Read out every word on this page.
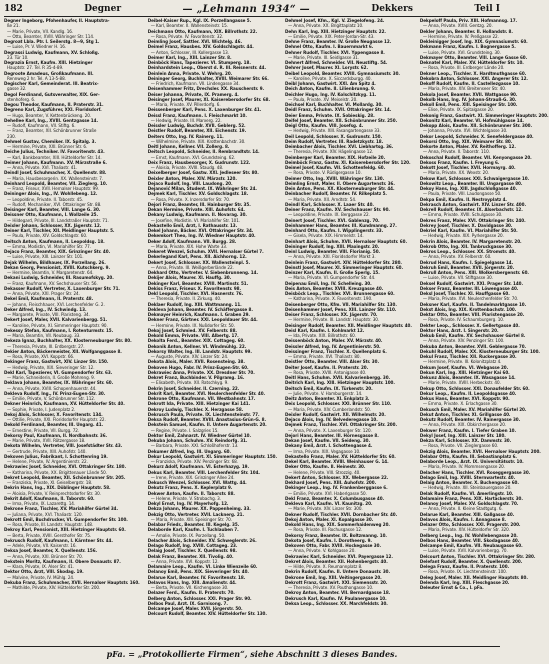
182	Degner	— „Lehmann 1934“ —	Dekkers	Teil I
Degner Ingeborg, Pfohenhaufer, II. Hauptstra-
ße 21.
— Marie, Private, VII. Kandlg. 16.
— Otto, Beamter, XVIII. Währinger Str. 114.
Degroat Lbla. Ptr. I. Seilerstg. 8—9, Stg 1.
— Luise, Pr. V. Wiedner H. 16.
Degrassi Ludwig, Kaufmann, XV. Schloßg.
23. Tür 10.
Degrazia Ernst, Kaufm. XIII. Hietzinger
Hauptstr. 27. Tel. R 35-4-89.
Degroote Amadeus, Großkaufmann. III.
Rennweg 2 hr. Tel. A 13-5-88.
Degischer Karl, Gemeinderat. III. Beatrix-
gasse 32.
Degol Ferdinand, Gutsverwalter, XIX. Ger-
stenhoferg. 6.
Degou Theodor, Kaufmann, II. Praterstr. 31.
Degreno Karl, Zugsführer, XXI. Floridsdorf.
— Hugo, Beamter, V. Kettenbrückeng. 20.
Dehellee Karl, Ing., XVIII. Gentzgasse 14.
— Rudolf, Kaufmann, VII. Stiftg. 6.
— Franz, Beamter, XII. Schönbrunner Straße
230.
Dehmel Gustav, Chemiker. IX. Spitalg. 3.
— Hermine, Private, XXI. Brünner Str. 6.
Deiche Julius, Techniker. IV. Favoritenstr. 43.
— Karl, Bankbeamter, XIII. Hütteldorfer Str. 14.
Deimer Johann, Kaufmann. XV. Märzstraße 6.
— Anna, Private. XVI. Thaliastr. 41.
Deindl Josef, Schuhmacher, X. Quellenstr. 88.
— Maria, Hausbesorgerin. XX. Wallensteinstr. 7.
Deinhard Leopold, Beamter, VII. Zieglerg. 10.
— Franz, Friseur, XVII. Hernalser Hauptstr. 99.
Deininger Alois, Ing., IV. Wohllebeng. 12.
— Leopoldine, Private. II. Taborstr. 45.
— Rudolf, Mechaniker, XVI. Ottakringer Str. 88.
Deisinger Karl, Beamter, VIII. Lange G. 30.
Deissner Otto, Kaufmann, I. Wollzeile 25.
— Hildegard, Private, III. Landstraßer Hauptstr. 71.
Deixler Johann, Schlosser, XX. Jägerstr. 12.
Deiner Karl, Tischler, XII. Meidlinger Hauptstr. 5.
— Paula, Private, XIV. Goldschlagstr. 60.
Deitsch Anton, Kaufmann, II. Leopoldsg. 18.
— Emma, Modistin, VI. Mariahilfer Str. 77.
Dejaco Franz, Beamter, XIX. Grinzinger Str. 40.
— Luise, Private, XIII. Lainzer Str. 101.
Dejak Wilhelm, Bildhauer, IX. Porzellang. 26.
Dekan Georg, Pensionist, XVIII. Kutschkerg. 9.
— Hermine, Beamtin, V. Margaretenstr. 64.
Dekani Ludwig, Schneider, III. Rasumofskyg. 20.
— Franz, Kaufmann, XV. Sechshauser Str. 56.
Dekasser Rudolf, Vertreter, X. Laxenburger Str. 71.
— Anna, Private, XXI. Prager Str. 24.
Dekel Emil, Kaufmann, II. Praterstr. 48.
— Johann, Fleischhauer, XVI. Lerchenfelder G. 2.
Deker Alfred, Ing., IV. Schwindg. 13.
— Margarete, Private, VIII. Piaristeng. 34.
Dekert Josef, Maler, XVII. Kalvarienbergg. 51.
— Karoline, Private, XI. Simmeringer Hauptstr. 90.
Dekessy Stefan, Kaufmann, I. Rotenturmstr. 15.
— Maria, Beamtin, VII. Neubaug. 33.
Dekeza Ignaz, Buchhalter, XX. Klosterneuburger Str. 80.
— Theresia, Private, III. Erdbergstr. 27.
Dekier Anton, Bäckermeister, XII. Wolfganggasse 8.
— Rosa, Private, XVI. Koppstr. 66.
Dekinger Franz, Gastwirt, XIV. Linzer Str. 150.
— Hedwig, Private, XIX. Sieveringer Str. 12.
Dekl Karl, Tapezierer, VI. Gumpendorfer Str. 63.
— Marie, Schneiderin, II. Große Mohreng. 9.
Deklava Johann, Beamter, IX. Währinger Str. 60.
— Anna, Private, XVIII. Schopenhauerstr. 44.
Dekleva Rudolf, Ing., IV. Prinz-Eugen-Str. 30.
— Emilie, Private, V. Schönbrunner Str. 112.
Dekner Heinrich, Kaufmann, XV. Hütteldorfer Str. 40.
— Sophie, Private, I. Judenplatz 2.
Dekoj Alois, Schlosser, X. Favoritenstr. 134.
— Ottilie, Private, XXI. Floridsdorfer Hauptstr. 22.
Dekold Ferdinand, Beamter, III. Ungarg. 41.
— Ernestine, Private, VII. Burgg. 72.
Dekorsy Paul, Kaufmann, II. Nordbahnstr. 36.
— Marie, Private, XVII. Rötzergasse 18.
Dekota Wilhelm, Vertreter, VIII. Josefstädter Str. 43.
— Gertrude, Private, XIII. Auhofstr. 140.
Dekoven Julius, Fabrikant, I. Schottenring 19.
— Helene, Private, IV. Argentinierstr. 22.
Dekrawiec Josef, Schneider, XVI. Ottakringer Str. 180.
— Katharina, Private, XX. Brigittenauer Lände 50.
Dekret Leopold, Beamter, XII. Schönbrunner Str. 205.
— Franziska, Private, XI. Geiselbergstr. 18.
Dekrin Hans, Ing., XIX. Döblinger Hauptstr. 58.
— Aloisia, Private, V. Reinprechtsdorfer Str. 30.
Dekrit Adolf, Kaufmann, II. Taborstr. 60.
— Irma, Private, IX. Lazarettg. 14.
Dekrone Franz, Tischler, XV. Mariahilfer Gürtel 34.
— Juliana, Private, XVI. Thaliastr. 120.
Dekrott Emil, Buchdrucker, VI. Gumpendorfer Str. 100.
— Rosa, Private, III. Landstr. Hauptstr. 148.
Dekroy Karl, Pensionist, XIII. Hietzinger Hauptstr. 60.
— Berta, Private, XVIII. Gersthofer Str. 75.
Dekrusch Rudolf, Kaufmann, I. Kärntner Str. 44.
— Adele, Private, VII. Kaiserstr. 16.
Deksa Josef, Beamter, X. Quellenstr. 156.
— Anna, Private, XXI. Brünner Str. 70.
Dekstein Moritz, Kaufmann, II. Obere Donaustr. 87.
— Klara, Private, IX. Alser Str. 41.
Dektor Otto, Arzt, VIII. Skodag. 19.
— Malvine, Private, IV. Mühlg. 24.
Dekuba Franz, Schuhmacher, XVII. Hernalser Hauptstr. 160.
— Mathilde, Private, XIV. Hütteldorfer Str. 200.
Deibel-Kaiser Rup., Kgl. IX. Porzellangasse 5.
— Karl, Beamter. II. Wallensteinstr. 15.
Deichmann Otto, Kaufmann, XIX. Billrothstr. 22.
— Rosa, Private. IV. Favoritenstr. 32.
Deimling Josef, Sattler. XVI. Wichtelg. 46.
Deimel Franz, Hausbes. XIV. Goldschlagstr. 44.
— Anton, Schlosser, III. Kollergasse 13.
Deimer Karl, Ing., XIII. Lainzer Str. 8.
Deinböck Hans, Tapezierer. VI. Stumperg. 18.
Deinhardstein Leop., Oberst d. R. III. Reisnerstr. 44.
Deinlein Anna, Private. V. Wehrg. 20.
Deininger Georg, Buchhalter, XVIII. Weimarer Str. 66.
— Friedrich, Kaufmann. VII. Lindengasse 34.
Deisenhammer Fritz, Drechsler. XX. Rauscherstr. 9.
Deiser Johanna, Private, IX. Pramerg. 4.
Deisinger Josef, Maurer, XI. Kaiserebersdorfer Str. 68.
— Maria, Private. XV. Pillerdorfg. 6.
Deissenberger Karl, Pens. X. Laxenburger Str. 41.
Deissl Franz, Kaufmann. I. Fleischmarkt 10.
— Hedwig, Private. III. Marxerg. 22.
Deissler Ludwig, Buchdr. XVII. Geblerg. 52.
Deistler Rudolf, Beamter, XII. Eichenstr. 19.
Deiters Otto, Ing. IV. Rainerg. 11.
— Wilhelmine, Private. XIX. Krottenbachstr. 30.
Deitl Johann, Kellner. VII. Zollerg. 8.
Deitsch Leopold, Schneider, II. Rembrandtstr. 14.
— Ernst, Kaufmann. XVI. Grundsteing. 62.
Deix Franz, Hausbesorger, X. Gudrunstr. 122.
— Aloisia, Private. XVIII. Staudg. 48.
Deixelberger Josef, Gastw. XXI. Jedleseer Str. 80.
Deixler Anton, Maler. XIV. Märzstr. 120.
Dejaco Rudolf, Ing. VIII. Laudong. 20.
Dejanović Milan, Student. IX. Währinger Str. 24.
Dejmek Karl, Tischler. XV. Goldschlagstr. 18.
— Rosa, Private. X. Inzersdorfer Str. 70.
Dejori Franz, Beamter, III. Hainburger Str. 35.
Dekan Hermine, Private. XIII. Auhofstr. 64.
Dekany Ludwig, Kaufmann. II. Novarag. 30.
— Josefine, Modistin. VI. Mariahilfer Str. 101.
Dekastello Emil, Arzt, I. Rathausstr. 13.
Dekel Johann, Bäcker. XVI. Ottakringer Str. 34.
Dekemkort Theo, Ing. IV. Wiedner Hauptstr. 40.
Deker Adolf, Kaufmann. VII. Burgg. 28.
— Maria, Private. XIX. Hohe Warte 33.
Dekeret Wenzel, Schuhm. XVII. Hernalser Gürtel 7.
Dekerlegand Karl, Pens. XII. Aichhorng. 12.
Dekert Josef, Schlosser. XX. Wallensteinpl. 5.
— Anna, Private. III. Weißgerberlände 22.
Dekhard Otto, Vertreter. V. Siebenbrunneng. 14.
Dekijer Alois, Maurer. XI. Hauffg. 30.
Dekinger Karl, Beamter. XVIII. Martinstr. 51.
Dekiss Franz, Friseur. X. Favoritenstr. 98.
Dekl Leopold, Tischler. XVI. Hasnerstr. 76.
— Theresia, Private. II. Zirkusg. 40.
Deklaer Rudolf, Ing. XIII. Wattmanng. 11.
Dekleva Johann, Beamter. IV. Schäffergasse 8.
Dekmayer Heinrich, Kaufmann. I. Graben 29.
Dekner Franz, Gärtner. XXI. Leopoldauer Str. 44.
— Hermine, Private. IX. Nußdorfer Str. 50.
Dekoj Josef, Schmied. XV. Felberstr. 88.
Dekold Emma, Private. VIII. Albertg. 17.
Dekolta Ferd., Beamter. XIX. Cottageg. 60.
Dekonik Anton, Kellner. VI. Windmühlg. 22.
Dekorsy Walter, Ing. III. Landstr. Hauptstr. 99.
— Auguste, Private. XIV. Linzer Str. 24.
Dekota Alois, Maler. XVII. Rosensteing. 38.
Dekoven Hugo, Fabr. IV. Prinz-Eugen-Str. 60.
Dekrawiec Anna, Private. XX. Dresdner Str. 70.
Dekret Franz, Buchbinder. V. Pilgramg. 16.
— Elisabeth, Private. XII. Ratschkyg. 9.
Dekrin Josef, Schneider. II. Czerning. 22.
Dekrit Karl, Beamter. XVI. Neulerchenfelder Str. 40.
Dekrone Otto, Kaufmann. VII. Westbahnstr. 17.
Dekrott Ida, Private. XIII. Hietzinger Kai 141.
Dekroy Ludwig, Tischler. X. Herzgasse 58.
Dekrusch Paula, Private. IX. Liechtensteinstr. 77.
Deksa Rudolf, Beamter. XVIII. Anastasius-Grün-G. 8.
Dekstein Samuel, Kaufm. II. Untere Augartenstr. 20.
— Regine, Private. I. Salzgries 15.
Dektor Emil, Zahnarzt. IV. Wiedner Gürtel 10.
Dekuba Johann, Schuhm. XV. Reindorfg. 31.
— Barbara, Private. XXI. Schloßhoferstr. 13.
Dekumer Alfred, Ing. III. Ungarg. 60.
Dekur Leopold, Gastwirt. XI. Simmeringer Hauptstr. 150.
— Franziska, Private. XIV. Penzinger Str. 68.
Dekurz Adolf, Kaufmann. VI. Esterhazyg. 19.
Dekus Karl, Beamter. VIII. Lerchenfelder Str. 104.
— Irene, Private. XIX. Grinzinger Allee 24.
Dekusch Wenzel, Schlosser. XVI. Wattg. 44.
Dekutz Franz, Pens. X. Keplerplatz 9.
Dekwer Anton, Kaufm. II. Taborstr. 88.
— Helene, Private. V. Strobachg. 3.
Dekyl Ernst, Ing. IV. Mayerhofg. 12.
Dekza Johann, Maurer. XX. Pappenheimg. 33.
Dekzig Otto, Vertreter. XVII. Lacknerg. 21.
— Maria, Private. XIII. Speisinger Str. 70.
Delabar Friedr., Beamter. III. Kegelg. 35.
Delaborde Karl, Kaufm. I. Tuchlauben 7.
— Amalie, Private. IX. Porzellang. 50.
Delacher Alois, Schneider. XV. Schweglerstr. 26.
Delago Rudolf, Ing. XVIII. Cottageg. 23.
Delaig Josef, Tischler. X. Quellenstr. 98.
Delak Franz, Beamter. XII. Tivolig. 40.
— Anna, Private. XVI. Koppstr. 12.
Delamaire Leop., Kaufm. VI. Linke Wienzeile 60.
Delanoy Emil, Pens. XIX. Sieveringer Str. 40.
Delarue Karl, Beamter. IV. Favoritenstr. 18.
Delavos Hans, Ing. XIII. Amalienstr. 44.
— Berta, Private. VII. Kirchengasse 30.
Delazer Ferd., Kaufm. II. Praterstr. 70.
Delberg Anton, Schlosser. XXI. Prager Str. 90.
Delbos Paul, Arzt. IX. Garnisong. 7.
Delcampe Josef, Maler. XVII. Jörgerstr. 50.
Delcourt Rudolf, Beamter. XIV. Hütteldorfer Str. 130.
Dehmel Josef, Kfm., Kgl. V. Ziegelofeng. 24.
— Anna, Private. XX. Brigittaplatz 10.
Dehn Karl, Ing. XIII. Hietzinger Hauptstr. 22.
— Emilie, Private. XIX. Peter-Jordan-Str. 43.
Dehne Franz, Beamter. IV. Große Neugasse 12.
Dehnel Otto, Kaufm. I. Bauernmarkt 6.
Dehner Rudolf, Tischler. XVI. Yppengasse 8.
— Marie, Private. III. Seidlgasse 31.
Dehnert Alfred, Schneider. VII. Neustiftg. 54.
Dehrer Josef, Maurer. XI. Lorystr. 62.
Deibel Leopold, Beamter. XVIII. Gymnasiumstr. 30.
— Karoline, Private. X. Siccardsburgg. 40.
Deibl Johann, Gastwirt. XXI. Am Spitz 4.
Deich Anton, Kaufm. II. Lilienbrunng. 9.
Deichler Hugo, Ing. IV. Kolschitzkyg. 11.
— Paula, Private. XV. Meiselstr. 20.
Deichsel Karl, Buchhalter. VI. Mollardg. 30.
Deidl Franz, Schuhm. XVII. Ottakringer Str. 14.
Deier Emma, Private. IX. Sobieskig. 28.
Deifel Josef, Beamter. XII. Schönbrunner Str. 250.
Deigl Otto, Kaufm. VIII. Josefsg. 4.
— Hedwig, Private. XIII. Fasangartengasse 33.
Deil Leopold, Schlosser. X. Gudrunstr. 150.
Deim Rudolf, Vertreter. III. Radetzkystr. 18.
Deimbacher Alois, Tischler. XVI. Liebhartsg. 36.
— Theresia, Private. XIV. Hägelingasse 12.
Deimberger Karl, Beamter. XIX. Hofzeile 20.
Deimböck Franz, Gastw. XI. Kaiserebersdorfer Str. 120.
Deimel Josef, Kaufm. VII. Schottenfeldg. 60.
— Rosa, Private. V. Rüdigergasse 10.
Deimer Otto, Ing. XVIII. Währinger Str. 130.
Deimling Ernst, Maler. II. Obere Augartenstr. 36.
Dein Anton, Pens. XX. Klosterneuburger Str. 44.
Deinbacher Rudolf, Beamter. IV. Rilkeplatz 5.
— Maria, Private. XII. Arndtstr. 54.
Deindl Karl, Schlosser. X. Laaer Str. 40.
Deiner Franz, Kaufm. XV. Sechshauser Str. 90.
— Leopoldine, Private. IX. Berggasse 22.
Deinert Josef, Tischler. XVI. Gablenzg. 70.
Deinhammer Hans, Beamter. III. Kundmanng. 27.
Deinhard Otto, Kaufm. I. Wipplingerstr. 33.
— Gisela, Private. XIX. Himmelstr. 14.
Deinhart Alois, Schuhm. XVII. Hernalser Hauptstr. 60.
Deininger Rudolf, Ing. XIII. Maxingstr. 20.
Deinl Ludwig, Beamter. VIII. Florianig. 50.
— Anna, Private. XXI. Floridsdorfer Markt 3.
Deinlein Franz, Gastwirt. XIV. Hütteldorfer Str. 280.
Deinstl Josef, Maurer. XI. Simmeringer Hauptstr. 60.
Deinzer Karl, Kaufm. II. Große Sperlg. 15.
— Maria, Private. VI. Gumpendorfer Str. 44.
Deipenau Emil, Ing. IV. Schelleing. 30.
Deis Anton, Beamter. XVIII. Kreuzgasse 40.
Deisböck Leop., Tischler. XVI. Brunnengasse 60.
— Katharina, Private. X. Favoritenstr. 190.
Deisenberger Otto, Kfm. VII. Mariahilfer Str. 130.
Deisenhammer Josef, Pens. XIII. Lainzer Str. 110.
Deiser Franz, Schlosser. XX. Jägerstr. 70.
— Hermine, Private. III. Landstr. Hauptstr. 30.
Deisinger Rudolf, Beamter. XII. Meidlinger Hauptstr. 40.
Deisl Karl, Kaufm. I. Kohlmarkt 12.
— Ida, Private. XIX. Billrothstr. 60.
Deissenböck Anton, Maler. XV. Märzstr. 40.
Deissler Alfred, Ing. IV. Argentinierstr. 50.
Deissinger Franz, Tischler. X. Quellenplatz 6.
— Emma, Private. XVI. Thaliastr. 80.
Deistler Otto, Beamter. VIII. Alser Str. 30.
Deiter Josef, Kaufm. II. Praterstr. 20.
— Rosa, Private. XVIII. Antonigasse 40.
Deitl Hans, Schuhm. XVII. Kalvarienbergg. 30.
Deitrich Karl, Ing. XIII. Hietzinger Hauptstr. 100.
Deitsch Emil, Kaufm. IX. Türkenstr. 20.
— Julie, Private. V. Hamburgerstr. 14.
Deitz Anton, Beamter. XI. Enkplatz 3.
Deix Leopold, Schlosser. XXI. Brünner Str. 110.
— Maria, Private. XIV. Cumberlandstr. 50.
Deixler Rudolf, Gastwirt. XII. Wilhelmstr. 20.
Dejaco Alois, Ing. IV. Belvederegasse 10.
Dejmek Franz, Tischler. XVI. Ottakringer Str. 200.
— Anna, Private. X. Laxenburger Str. 120.
Dejori Hans, Beamter. III. Hörnesgasse 8.
Dekan Josef, Kaufm. VII. Seideng. 30.
Dekany Emil, Arzt. I. Schottengasse 4.
— Irma, Private. XIX. Vegagasse 10.
Dekastello Franz, Maler. XV. Hütteldorfer Str. 60.
Dekel Karl, Beamter. XVIII. Weinhauser G. 14.
Deker Otto, Kaufm. II. Heinestr. 30.
— Helene, Private. VIII. Strozzig. 40.
Dekert Anton, Schlosser. XX. Webergasse 22.
Dekhard Josef, Pens. XIII. Auhofstr. 200.
Dekinger Leop., Ing. IV. Frankenberggasse 6.
— Emilie, Private. XVI. Haberlgasse 50.
Dekl Franz, Beamter. X. Columbusgasse 40.
Dekleva Karl, Kaufm. VI. Kaunitzg. 20.
— Marie, Private. XIV. Linzer Str. 300.
Dekner Rudolf, Tischler. XVII. Dornbacher Str. 40.
Dekoj Anton, Maler. XI. Kopalgasse 30.
Dekold Hans, Ing. XIX. Sommerhaidenweg 20.
— Rosa, Private. III. Rochusgasse 12.
Dekorsy Franz, Beamter. IX. Boltzmanng. 10.
Dekota Josef, Kaufm. I. Dorotheerg. 9.
Dekoven Otto, Fabr. XVIII. Hockegasse 30.
— Anna, Private. V. Kohlgasse 20.
Dekrawiec Karl, Schneider. XVI. Payergasse 12.
Dekret Alois, Beamter. XII. Hohenbergstr. 40.
— Hilde, Private. X. Reumannplatz 8.
Dekrin Rudolf, Kaufm. II. Untere Donaustr. 30.
Dekrone Emil, Ing. XIII. Veitingergasse 20.
Dekrott Franz, Gastwirt. XXI. Siemensstr. 20.
— Theresia, Private. XV. Pouthongasse 10.
Dekroy Anton, Beamter. VII. Bernardgasse 18.
Dekrusch Karl, Kaufm. IV. Paulanergasse 10.
Deksa Leop., Schlosser. XX. Marchfeldstr. 30.
Dekpeloff Paula, Priv. XIII. Hofmannsg. 17.
— Anna, Private. XVIII. Gentzg. 20.
Dekler Johann, Beamter. II. Hollandstr. 8.
— Hermine, Private. IV. Preßgasse 22.
Dekleinigger Josef, Ing. XIX. Gymnasiumstr. 60.
Dekmann Franz, Kaufm. I. Bognergasse 5.
— Luise, Private. XVI. Grundsteing. 30.
Dekmayer Otto, Beamter. VIII. Lange Gasse 60.
Deknatel Karl, Maler. XV. Hütteldorfer Str. 10.
— Rosa, Private. III. Erdberger Lände 20.
Dekner Leop., Tischler. X. Hardtmuthgasse 60.
Dekobra Anton, Schlosser. XXI. Angerer Str. 12.
Dekoff Rudolf, Kaufm. II. Castellezgasse 10.
— Maria, Private. XIV. Breitenseer Str. 40.
Dekola Josef, Beamter. XVII. Wattgasse 90.
Dekolb Hans, Ing. IV. Johann-Strauß-G. 30.
Dekoll Emil, Pens. XIII. Speisinger Str. 100.
— Elise, Private. IX. Spitalgasse 20.
Dekonig Franz, Gastwirt. XI. Simmeringer Hauptstr. 200.
Dekonitz Karl, Beamter. VI. Hofmühlgasse 14.
Dekopp Alois, Kaufm. XII. Schönbrunner Str. 300.
— Johanna, Private. XVI. Wichtelgasse 30.
Dekor Leopold, Schneider. X. Senefeldergasse 40.
Dekorsi Otto, Ing. XIX. Weimarer Str. 80.
Dekorte Anton, Maler. XV. Reithofferg. 12.
— Anna, Private. II. Taborstr. 110.
Dekoschal Rudolf, Beamter. VII. Kenyongasse 20.
Dekoss Franz, Kaufm. I. Freyung 6.
Dekott Josef, Tischler. XVII. Hormayrg. 40.
— Maria, Private. XX. Wexstr. 20.
Dekow Karl, Schlosser. XXI. Schwaigergasse 10.
Dekowitz Leop., Beamter. III. Ungargasse 80.
Dekoy Hans, Ing. XIII. Jagdschloßgasse 40.
— Paula, Private. VIII. Laudongasse 50.
Dekpa Emil, Kaufm. II. Nestroyplatz 4.
Dekrasch Anton, Gastwirt. XIV. Linzer Str. 400.
Dekrell Rudolf, Beamter. IX. Alserbachstr. 12.
— Emma, Private. XVIII. Schulgasse 30.
Dekres Franz, Maler. XVI. Ottakringer Str. 240.
Dekrey Josef, Tischler. X. Davidgasse 30.
Dekriel Karl, Kaufm. VI. Mariahilfer Str. 50.
— Hedwig, Private. XIX. Pyrkergasse 20.
Dekrin Alois, Beamter. IV. Margaretenstr. 20.
Dekrob Otto, Ing. XII. Tanbruckgasse 30.
Dekros Leop., Schlosser. XX. Stromstr. 40.
— Anna, Private. XV. Felberstr. 60.
Dekrud Hans, Kaufm. I. Spiegelgasse 14.
Dekruh Emil, Beamter. XVII. Jörgerstr. 20.
Dekrull Anton, Pens. XIII. Wolkersbergenstr. 60.
— Luise, Private. VII. Stiftgasse 30.
Deksel Rudolf, Gastwirt. XXI. Prager Str. 140.
Dekser Franz, Beamter. III. Löwengasse 40.
Deksl Josef, Tischler. XI. Hauffgasse 60.
— Maria, Private. XVI. Neulerchenfelder Str. 70.
Deksner Karl, Kaufm. II. Tandelmarktgasse 10.
Dekst Alois, Ing. XIX. Krottenbachstr. 100.
Dektar Otto, Beamter. VIII. Piaristengasse 20.
— Rosa, Private. IV. Schaumburgerg. 10.
Dekter Leop., Schlosser. X. Gellertgasse 40.
Dektor Hans, Arzt. I. Singerstr. 20.
Dekub Emil, Kaufm. XV. Sechshauser Gürtel 8.
— Anna, Private. XIV. Penzinger Str. 100.
Dekuba Anton, Beamter. XVII. Geblergasse 70.
Dekuhl Rudolf, Maler. XX. Klosterneuburger Str. 100.
Dekul Franz, Tischler. XII. Ruckergasse 30.
— Hermine, Private. III. Kolonitzplatz 4.
Dekum Josef, Kaufm. VI. Webgasse 20.
Dekun Karl, Ing. XIII. Hietzinger Kai 60.
Dekunz Alois, Beamter. IX. Wasagasse 14.
— Marie, Private. XVIII. Herbeckstr. 40.
Dekup Otto, Schlosser. XXI. Donaufelder Str. 60.
Dekur Leop., Kaufm. II. Leopoldsgasse 40.
Dekus Hans, Beamter. XVI. Koppstr. 90.
— Emma, Private. X. Erlachgasse 30.
Dekusch Emil, Maler. XV. Mariahilfer Gürtel 20.
Dekut Anton, Tischler. XI. Grillgasse 40.
Dekutz Rudolf, Beamter. IV. Rainergasse 30.
— Anna, Private. XIX. Obkirchergasse 20.
Dekwer Franz, Kaufm. I. Tiefer Graben 10.
Dekyl Josef, Ing. XIII. Lainzer Str. 180.
Dekza Karl, Schlosser. XX. Dammstr. 30.
— Rosa, Private. VII. Zieglergasse 60.
Dekzig Alois, Beamter. XVII. Hernalser Hauptstr. 200.
Delabar Otto, Kaufm. III. Sebastianplatz 6.
Delaborde Leop., Arzt. IX. Universitätsstr. 10.
— Maria, Private. IV. Mommsengasse 20.
Delacher Hans, Tischler. XVI. Roseggergasse 30.
Delago Emil, Ing. XVIII. Sternwartestr. 40.
Delaig Anton, Beamter. X. Buchengasse 60.
— Hedwig, Private. XII. Steinbauergasse 20.
Delak Rudolf, Kaufm. VI. Amerlingstr. 10.
Delamaire Franz, Pens. XIX. Hartäckerstr. 30.
Delanoy Josef, Maler. XV. Goldschlagstr. 70.
— Anna, Private. II. Kleine Stadtgutg. 6.
Delarue Karl, Beamter. XIII. Gallgasse 40.
Delavos Alois, Kaufm. I. Annagasse 8.
Delazer Otto, Schlosser. XXI. Pragerstr. 200.
— Maria, Private. XIV. Hütteldorfer Str. 320.
Delberg Leop., Ing. IV. Wohllebengasse 20.
Delbos Hans, Beamter. VIII. Skodagasse 40.
Delcampe Emil, Kaufm. VII. Neubaugasse 60.
— Luise, Private. XVII. Kalvarienbergg. 70.
Delcourt Anton, Tischler. XVI. Ottakringer Str. 280.
Delefant Rudolf, Beamter. X. Quellenstr. 200.
Delega Franz, Kaufm. II. Praterstr. 100.
— Rosa, Private. IX. Liechtensteinstr. 100.
Deleg Josef, Maler. XII. Meidlinger Hauptstr. 80.
Delenda Karl, Ing. XIII. Fleschgasse 20.
Deleuter Ernst & Co., I. pFa.
pFa. = „Protokollierte Firmen“, siehe Abschnitt 3 dieses Bandes.
